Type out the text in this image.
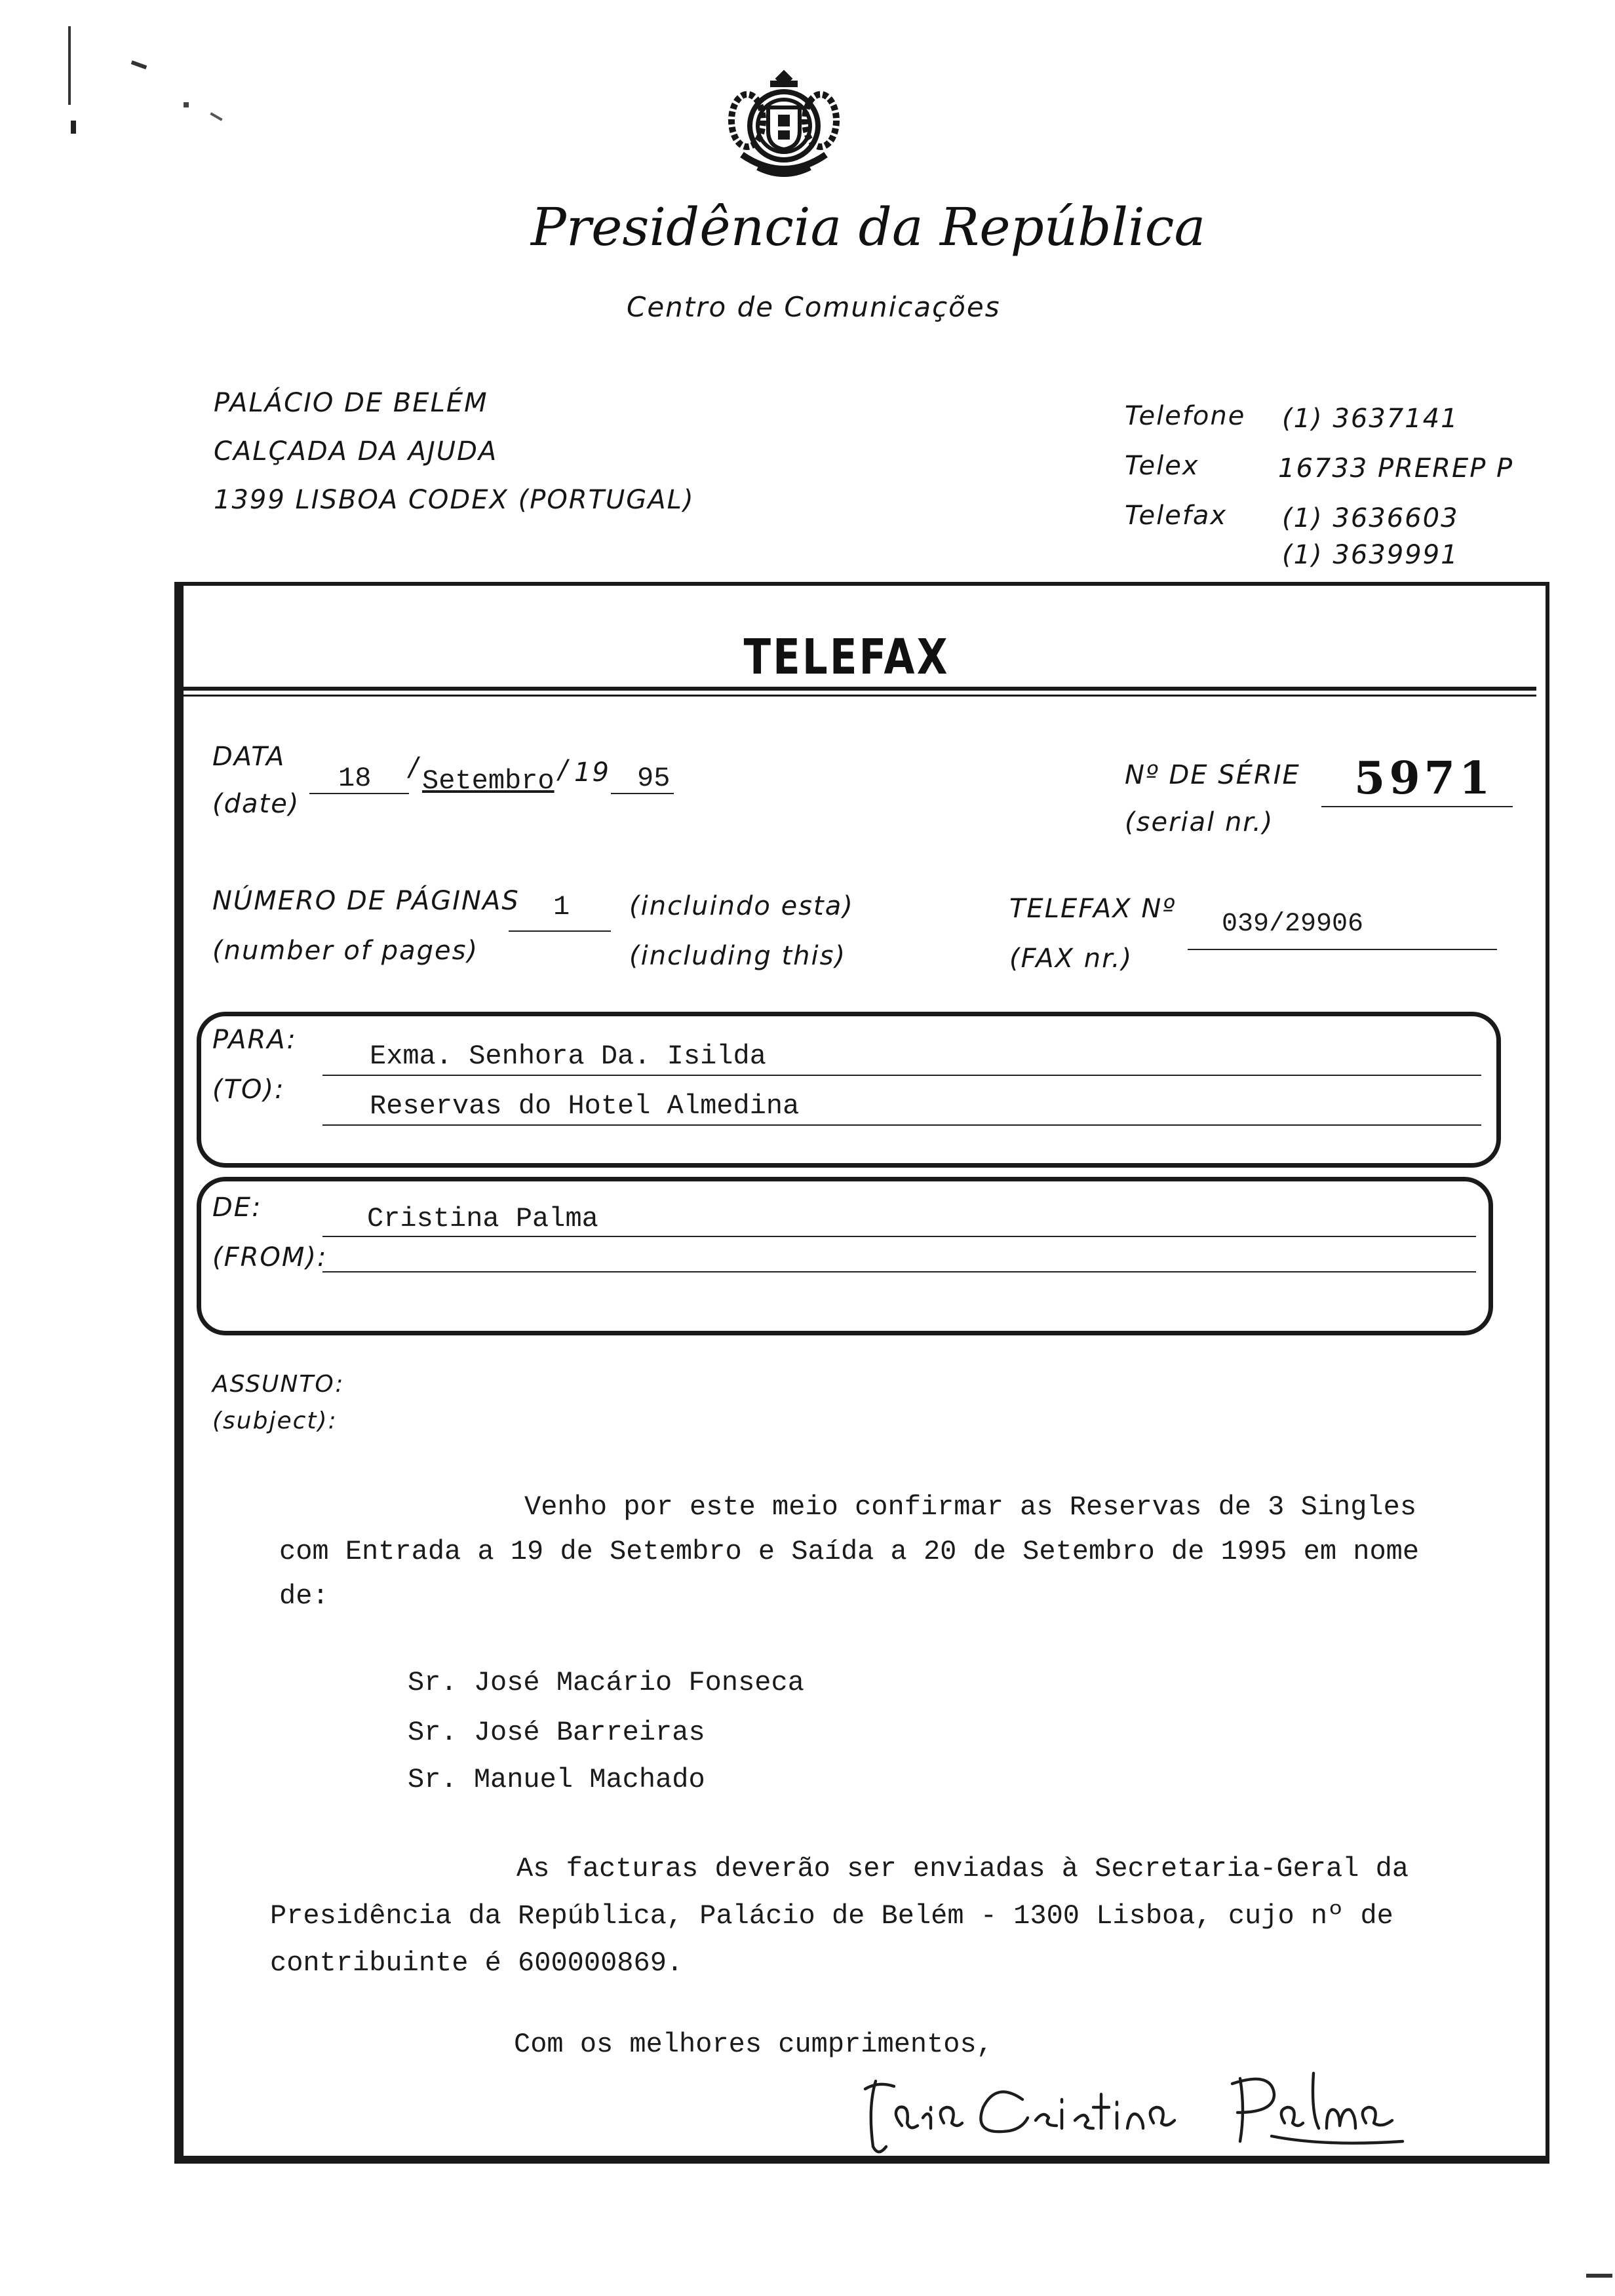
Presidência da República
Centro de Comunicações
PALÁCIO DE BELÉM
CALÇADA DA AJUDA
1399 LISBOA CODEX (PORTUGAL)
Telefone	(1) 3637141
Telex	16733 PREREP P
Telefax	(1) 3636603
(1) 3639991
TELEFAX
DATA
(date)
18	/ Setembro / 19 95	Nº DE SÉRIE
(serial nr.)
5971
NÚMERO DE PÁGINAS
(number of pages)
1	(incluindo esta)
(including this)
TELEFAX Nº
(FAX nr.)
039/29906
PARA:
(TO):
Exma. Senhora Da. Isilda
Reservas do Hotel Almedina
DE:
(FROM):
Cristina Palma
ASSUNTO:
(subject):
Venho por este meio confirmar as Reservas de 3 Singles
com Entrada a 19 de Setembro e Saída a 20 de Setembro de 1995 em nome
de:
Sr. José Macário Fonseca
Sr. José Barreiras
Sr. Manuel Machado
As facturas deverão ser enviadas à Secretaria-Geral da
Presidência da República, Palácio de Belém - 1300 Lisboa, cujo nº de
contribuinte é 600000869.
Com os melhores cumprimentos,
